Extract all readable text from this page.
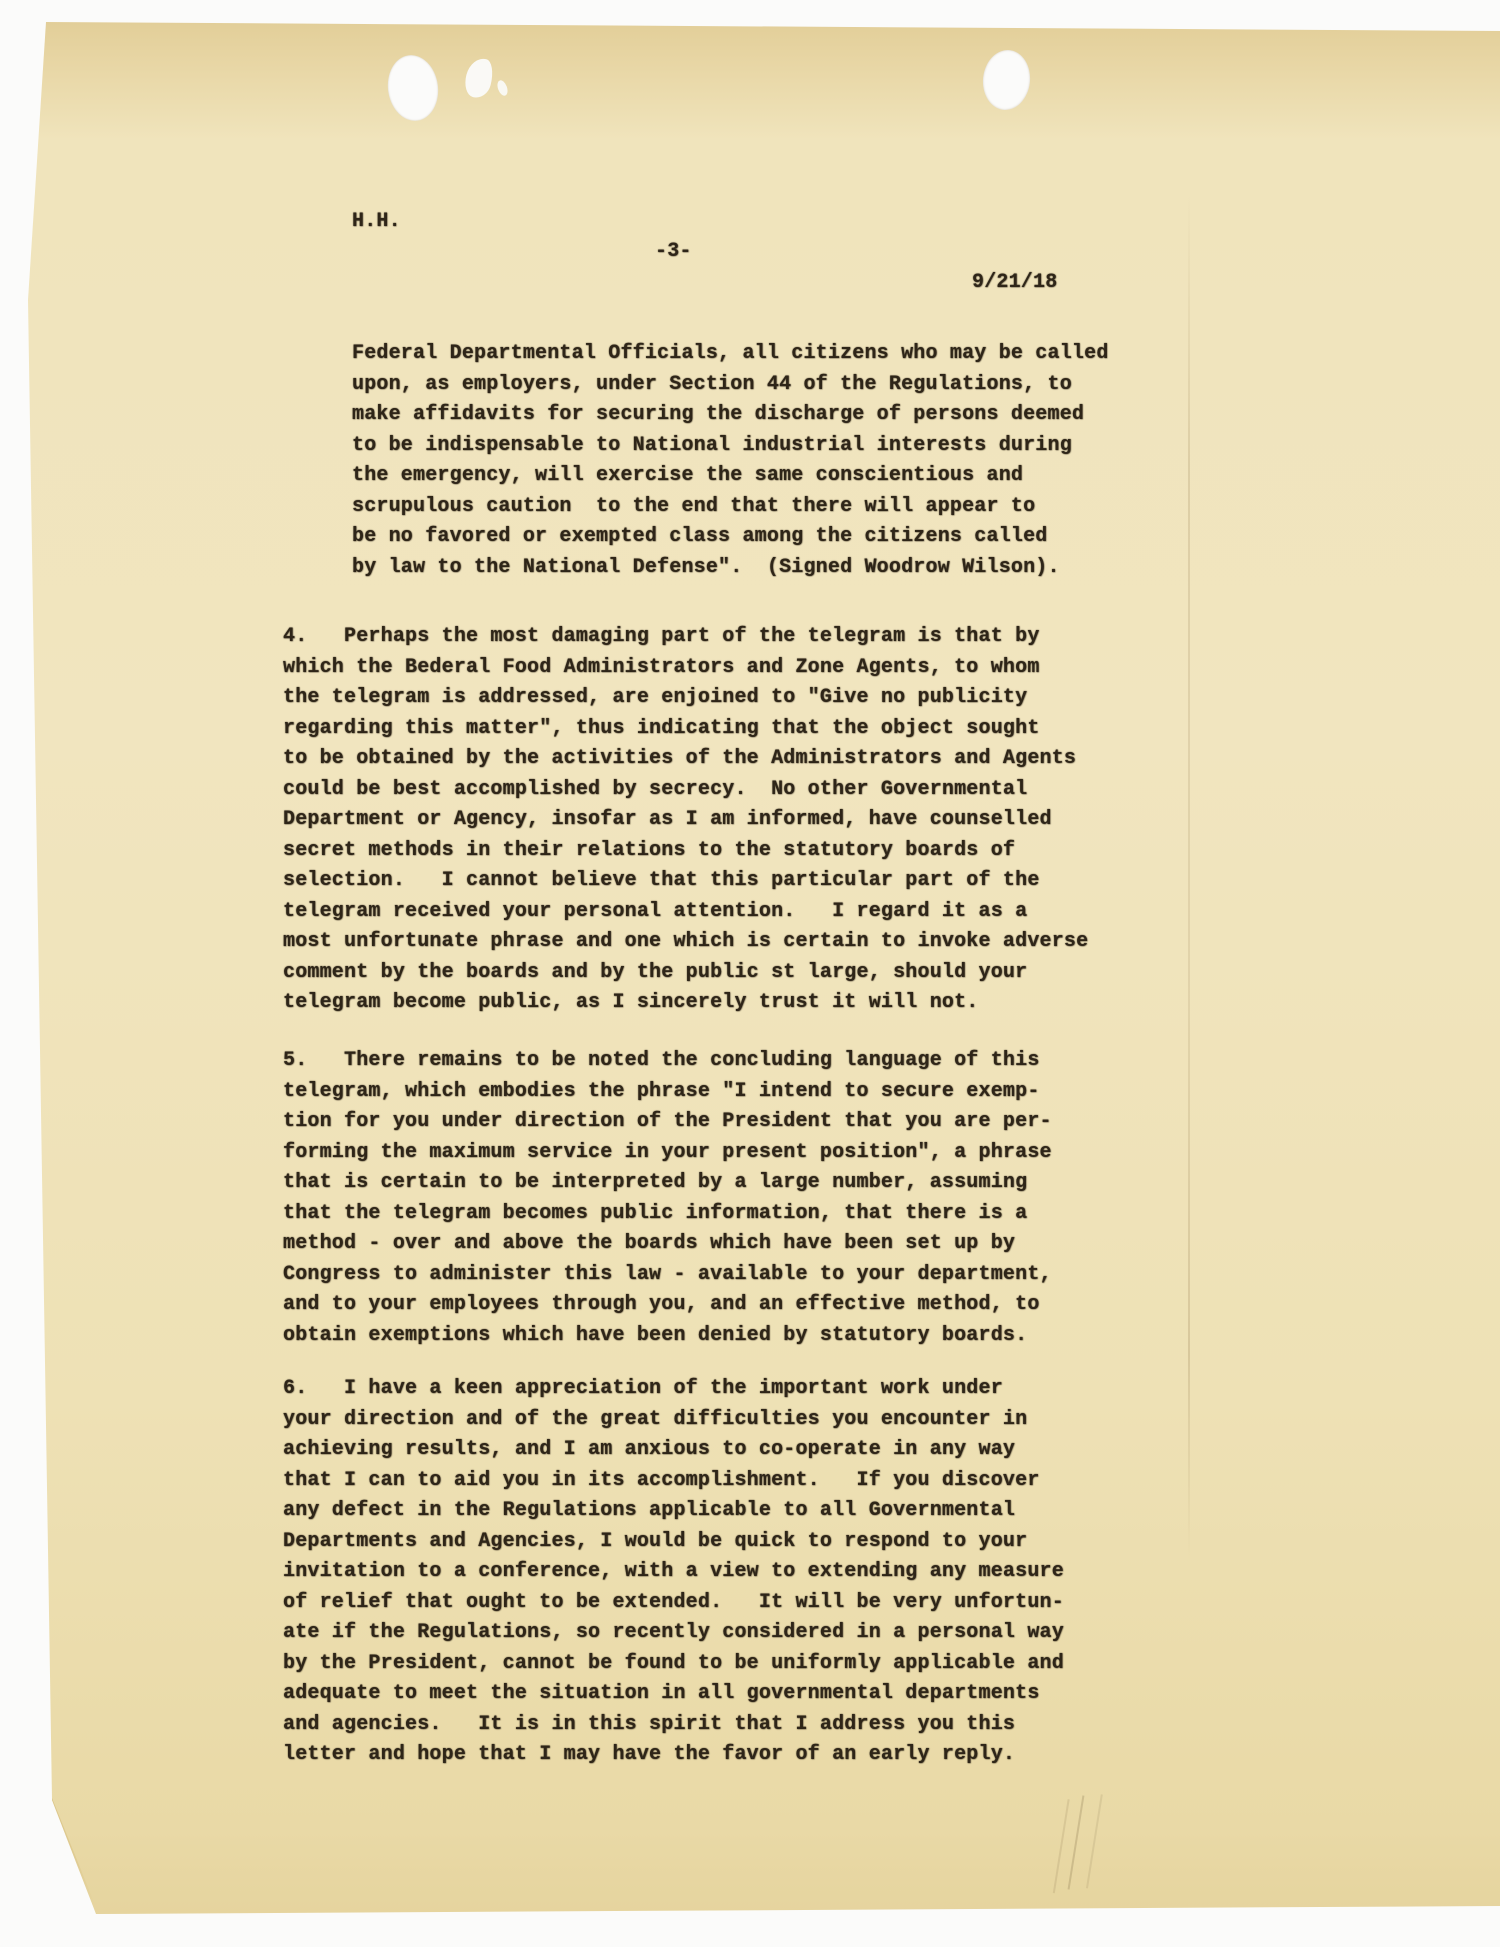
H.H.

-3-

9/21/18

Federal Departmental Officials, all citizens who may be called
upon, as employers, under Section 44 of the Regulations, to
make affidavits for securing the discharge of persons deemed
to be indispensable to National industrial interests during
the emergency, will exercise the same conscientious and
scrupulous caution  to the end that there will appear to
be no favored or exempted class among the citizens called
by law to the National Defense".  (Signed Woodrow Wilson).
4.   Perhaps the most damaging part of the telegram is that by
which the Bederal Food Administrators and Zone Agents, to whom
the telegram is addressed, are enjoined to "Give no publicity
regarding this matter", thus indicating that the object sought
to be obtained by the activities of the Administrators and Agents
could be best accomplished by secrecy.  No other Governmental
Department or Agency, insofar as I am informed, have counselled
secret methods in their relations to the statutory boards of
selection.   I cannot believe that this particular part of the
telegram received your personal attention.   I regard it as a
most unfortunate phrase and one which is certain to invoke adverse
comment by the boards and by the public st large, should your
telegram become public, as I sincerely trust it will not.
5.   There remains to be noted the concluding language of this
telegram, which embodies the phrase "I intend to secure exemp-
tion for you under direction of the President that you are per-
forming the maximum service in your present position", a phrase
that is certain to be interpreted by a large number, assuming
that the telegram becomes public information, that there is a
method - over and above the boards which have been set up by
Congress to administer this law - available to your department,
and to your employees through you, and an effective method, to
obtain exemptions which have been denied by statutory boards.
6.   I have a keen appreciation of the important work under
your direction and of the great difficulties you encounter in
achieving results, and I am anxious to co-operate in any way
that I can to aid you in its accomplishment.   If you discover
any defect in the Regulations applicable to all Governmental
Departments and Agencies, I would be quick to respond to your
invitation to a conference, with a view to extending any measure
of relief that ought to be extended.   It will be very unfortun-
ate if the Regulations, so recently considered in a personal way
by the President, cannot be found to be uniformly applicable and
adequate to meet the situation in all governmental departments
and agencies.   It is in this spirit that I address you this
letter and hope that I may have the favor of an early reply.
